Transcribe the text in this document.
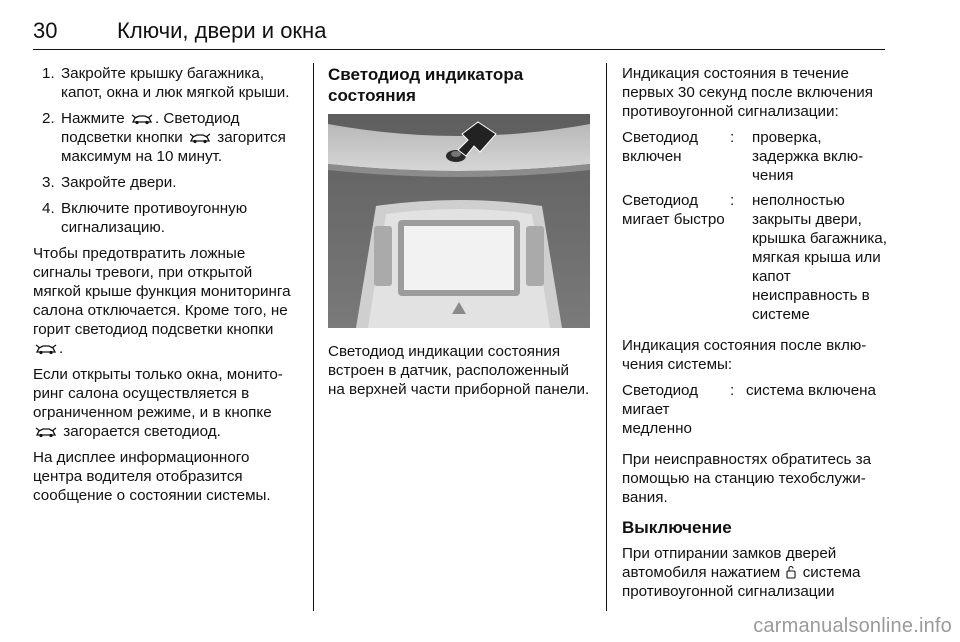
30	Ключи, двери и окна
1. Закройте крышку багажника, капот, окна и люк мягкой крыши.
2. Нажмите . Светодиод подсветки кнопки загорится максимум на 10 минут.
3. Закройте двери.
4. Включите противоугонную сигнализацию.

Чтобы предотвратить ложные сигналы тревоги, при открытой мягкой крыше функция мониторинга салона отключается. Кроме того, не горит светодиод подсветки кнопки .

Если открыты только окна, мониторинг салона осуществляется в ограниченном режиме, и в кнопке  загорается светодиод.

На дисплее информационного центра водителя отобразится сообщение о состоянии системы.

Светодиод индикатора состояния

Светодиод индикации состояния встроен в датчик, расположенный на верхней части приборной панели.

Индикация состояния в течение первых 30 секунд после включения противоугонной сигнализации:

Светодиод включен
:	проверка, задержка включения
Светодиод мигает быстро
:	неполностью закрыты двери, крышка багажника, мягкая крыша или капот неисправность в системе

Индикация состояния после включения системы:

Светодиод мигает медленно
: система включена

При неисправностях обратитесь за помощью на станцию техобслуживания.

Выключение

При отпирании замков дверей автомобиля нажатием система противоугонной сигнализации

carmanualsonline.info
